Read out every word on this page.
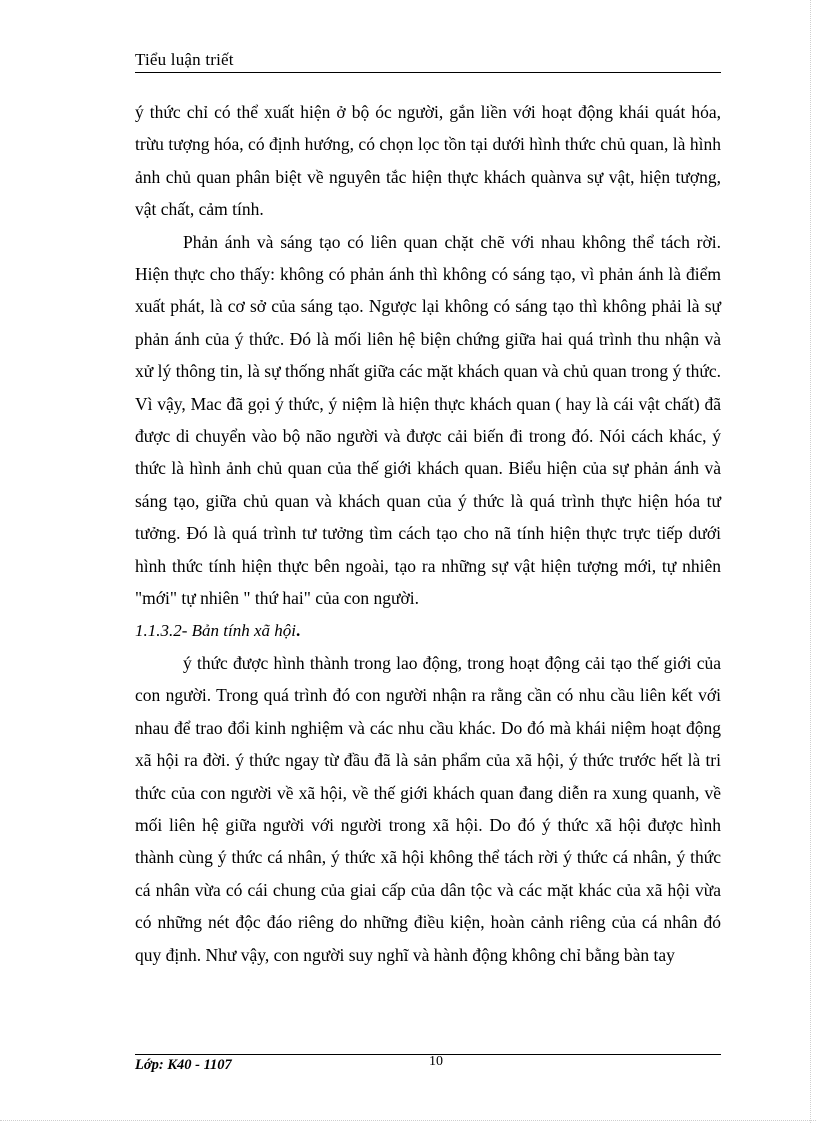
Tiểu luận triết

ý thức chỉ có thể xuất hiện ở bộ óc người, gắn liền với hoạt động khái quát hóa, trừu tượng hóa, có định hướng, có chọn lọc tồn tại dưới hình thức chủ quan, là hình ảnh chủ quan phân biệt về nguyên tắc hiện thực khách quànva sự vật, hiện tượng, vật chất, cảm tính.

Phản ánh và sáng tạo có liên quan chặt chẽ với nhau không thể tách rời. Hiện thực cho thấy: không có phản ánh thì không có sáng tạo, vì phản ánh là điểm xuất phát, là cơ sở của sáng tạo. Ngược lại không có sáng tạo thì không phải là sự phản ánh của ý thức. Đó là mối liên hệ biện chứng giữa hai quá trình thu nhận và xử lý thông tin, là sự thống nhất giữa các mặt khách quan và chủ quan trong ý thức. Vì vậy, Mac đã gọi ý thức, ý niệm là hiện thực khách quan ( hay là cái vật chất) đã được di chuyển vào bộ não người và được cải biến đi trong đó. Nói cách khác, ý thức là hình ảnh chủ quan của thế giới khách quan. Biểu hiện của sự phản ánh và sáng tạo, giữa chủ quan và khách quan của ý thức là quá trình thực hiện hóa tư tưởng. Đó là quá trình tư tưởng tìm cách tạo cho nã tính hiện thực trực tiếp dưới hình thức tính hiện thực bên ngoài, tạo ra những sự vật hiện tượng mới, tự nhiên "mới" tự nhiên " thứ hai" của con người.

1.1.3.2- Bản tính xã hội.

ý thức được hình thành trong lao động, trong hoạt động cải tạo thế giới của con người. Trong quá trình đó con người nhận ra rằng cần có nhu cầu liên kết với nhau để trao đổi kinh nghiệm và các nhu cầu khác. Do đó mà khái niệm hoạt động xã hội ra đời. ý thức ngay từ đầu đã là sản phẩm của xã hội, ý thức trước hết là tri thức của con người về xã hội, về thế giới khách quan đang diễn ra xung quanh, về mối liên hệ giữa người với người trong xã hội. Do đó ý thức xã hội được hình thành cùng ý thức cá nhân, ý thức xã hội không thể tách rời ý thức cá nhân, ý thức cá nhân vừa có cái chung của giai cấp của dân tộc và các mặt khác của xã hội vừa có những nét độc đáo riêng do những điều kiện, hoàn cảnh riêng của cá nhân đó quy định. Như vậy, con người suy nghĩ và hành động không chỉ bằng bàn tay

Lớp: K40 - 1107	10
